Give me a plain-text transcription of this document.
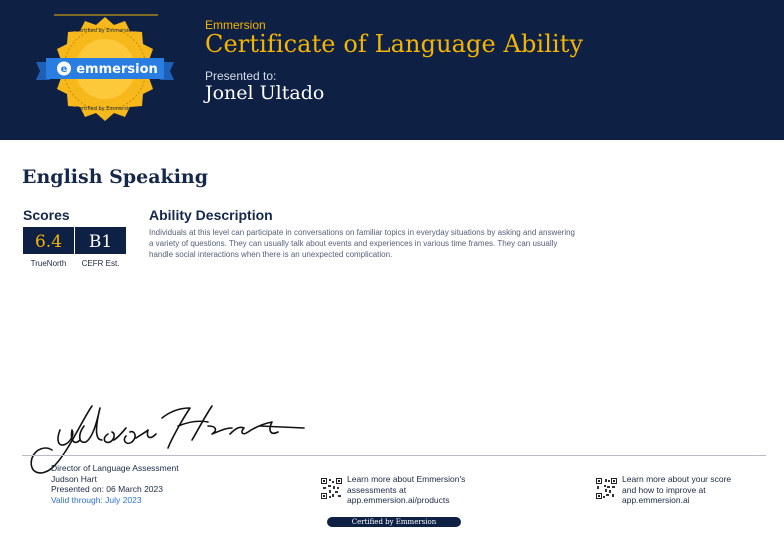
e emmersion
Certified by Emmersion
Certified by Emmersion
Emmersion
Certificate of Language Ability
Presented to:
Jonel Ultado
English Speaking
Scores
6.4	B1
TrueNorth	CEFR Est.
Ability Description
Individuals at this level can participate in conversations on familiar topics in everyday situations by asking and answering a variety of questions. They can usually talk about events and experiences in various time frames. They can usually handle social interactions when there is an unexpected complication.
Director of Language Assessment
Judson Hart
Presented on: 06 March 2023
Valid through: July 2023
Learn more about Emmersion's assessments at app.emmersion.ai/products
Learn more about your score and how to improve at app.emmersion.ai
Certified by Emmersion
